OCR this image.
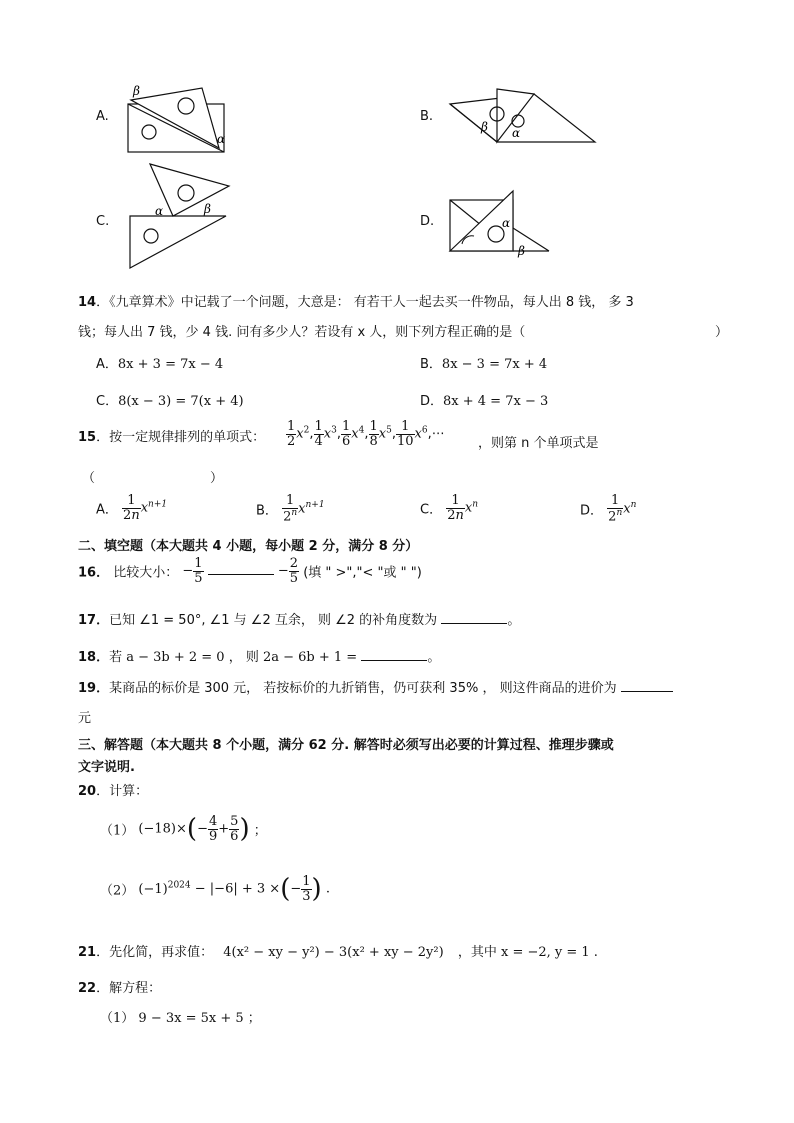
A.
β
α
B.
β α
C.
α	β
D.	α
β
14．《九章算术》中记载了一个问题，大意是： 有若干人一起去买一件物品，每人出 8 钱， 多 3
钱；每人出 7 钱，少 4 钱. 问有多少人？若设有 x 人，则下列方程正确的是（	）
A．8x + 3 = 7x − 4	B．8x − 3 = 7x + 4
C．8(x − 3) = 7(x + 4)	D．8x + 4 = 7x − 3
15．按一定规律排列的单项式： $\frac{1}{2} x^2$, $\frac{1}{4} x^3$, $\frac{1}{6} x^4$, $\frac{1}{8} x^5$, $\frac{1}{10}$ $x^6,\cdots$
，则第 n 个单项式是
（	）
A． $\frac{1}{2n} x^{n+1}$	B． $\frac{1}{2^n} x^{n+1}$	C． $\frac{1}{2n} x^n$	D． $\frac{1}{2^n} x^n$
二、填空题（本大题共 4 小题，每小题 2 分，满分 8 分）
16． 比较大小： − $\frac{1}{5}$	− $\frac{2}{5}$ (填 " >","< "或 " ")
17．已知 ∠1 = 50°, ∠1 与 ∠2 互余， 则 ∠2 的补角度数为	。
18．若 a − 3b + 2 = 0 ， 则 2a − 6b + 1 =	。
19．某商品的标价是 300 元， 若按标价的九折销售，仍可获利 35% ， 则这件商品的进价为
元
三、解答题（本大题共 8 个小题，满分 62 分. 解答时必须写出必要的计算过程、推理步骤或
文字说明.
20．计算：
（1） $(-18)\times(- \frac{4}{9} + \frac{5}{6}$ ) ；
（2） $(-1)^{2024} - |-6| + 3$ ×(− $\frac{1}{3}$ ) .
21．先化简，再求值： 4(x² − xy − y²) − 3(x² + xy − 2y²) ，其中 x = −2, y = 1 .
22．解方程：
（1） 9 − 3x = 5x + 5 ；
